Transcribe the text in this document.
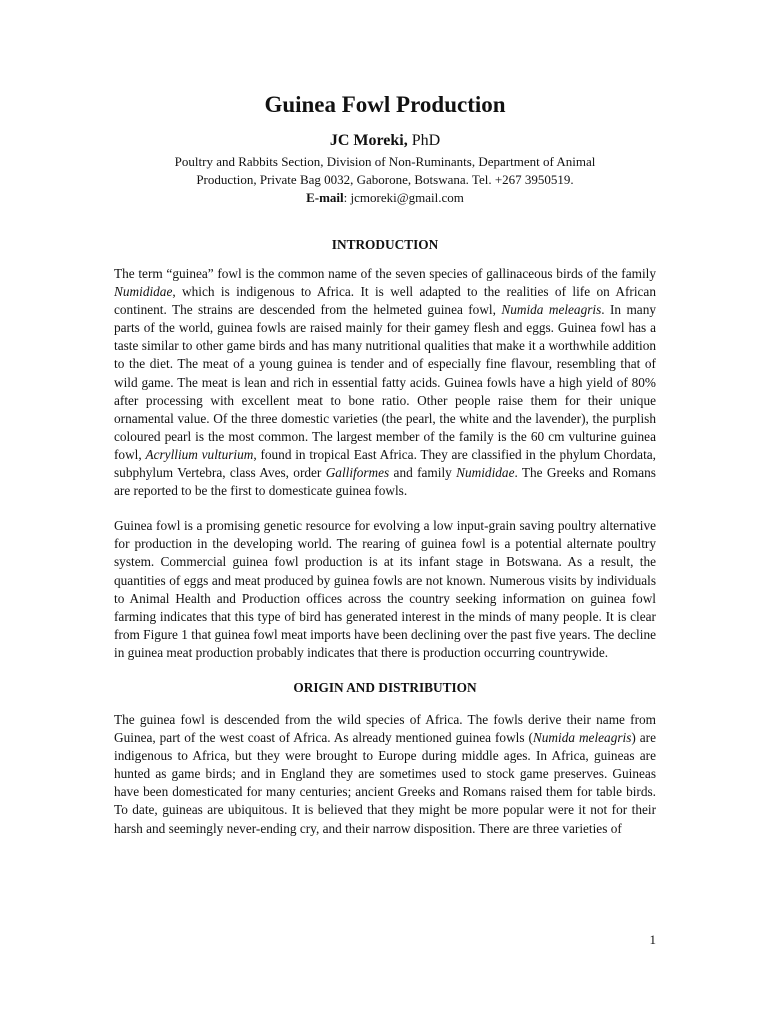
Guinea Fowl Production
JC Moreki, PhD
Poultry and Rabbits Section, Division of Non-Ruminants, Department of Animal
Production, Private Bag 0032, Gaborone, Botswana. Tel. +267 3950519.
E-mail: jcmoreki@gmail.com
INTRODUCTION

The term “guinea” fowl is the common name of the seven species of gallinaceous birds of the family Numididae, which is indigenous to Africa. It is well adapted to the realities of life on African continent. The strains are descended from the helmeted guinea fowl, Numida meleagris. In many parts of the world, guinea fowls are raised mainly for their gamey flesh and eggs. Guinea fowl has a taste similar to other game birds and has many nutritional qualities that make it a worthwhile addition to the diet. The meat of a young guinea is tender and of especially fine flavour, resembling that of wild game. The meat is lean and rich in essential fatty acids. Guinea fowls have a high yield of 80% after processing with excellent meat to bone ratio. Other people raise them for their unique ornamental value. Of the three domestic varieties (the pearl, the white and the lavender), the purplish coloured pearl is the most common. The largest member of the family is the 60 cm vulturine guinea fowl, Acryllium vulturium, found in tropical East Africa. They are classified in the phylum Chordata, subphylum Vertebra, class Aves, order Galliformes and family Numididae. The Greeks and Romans are reported to be the first to domesticate guinea fowls.

Guinea fowl is a promising genetic resource for evolving a low input-grain saving poultry alternative for production in the developing world. The rearing of guinea fowl is a potential alternate poultry system. Commercial guinea fowl production is at its infant stage in Botswana. As a result, the quantities of eggs and meat produced by guinea fowls are not known. Numerous visits by individuals to Animal Health and Production offices across the country seeking information on guinea fowl farming indicates that this type of bird has generated interest in the minds of many people. It is clear from Figure 1 that guinea fowl meat imports have been declining over the past five years. The decline in guinea meat production probably indicates that there is production occurring countrywide.

ORIGIN AND DISTRIBUTION

The guinea fowl is descended from the wild species of Africa. The fowls derive their name from Guinea, part of the west coast of Africa. As already mentioned guinea fowls (Numida meleagris) are indigenous to Africa, but they were brought to Europe during middle ages. In Africa, guineas are hunted as game birds; and in England they are sometimes used to stock game preserves. Guineas have been domesticated for many centuries; ancient Greeks and Romans raised them for table birds. To date, guineas are ubiquitous. It is believed that they might be more popular were it not for their harsh and seemingly never-ending cry, and their narrow disposition. There are three varieties of

1
